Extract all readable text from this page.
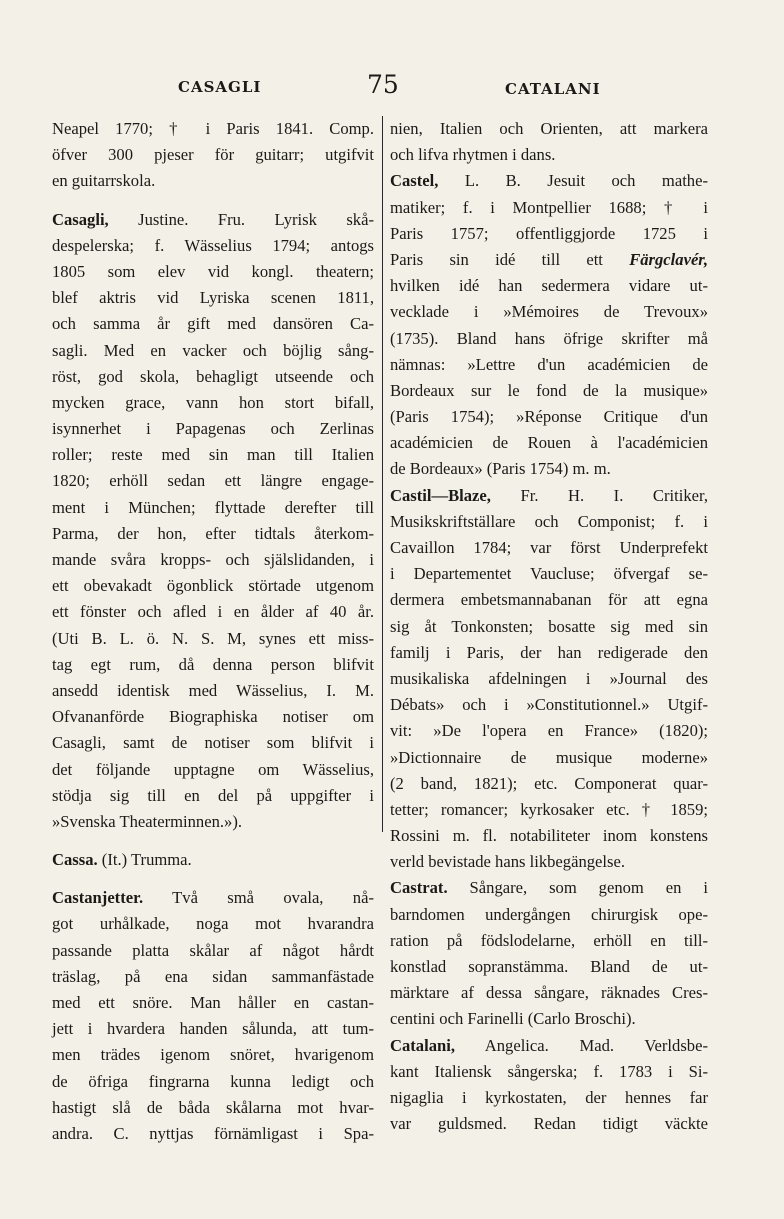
CASAGLI	75	CATALANI
Neapel 1770; † i Paris 1841. Comp.
öfver 300 pjeser för guitarr; utgifvit
en guitarrskola.
Casagli, Justine. Fru. Lyrisk skå-
despelerska; f. Wässelius 1794; antogs
1805 som elev vid kongl. theatern;
blef aktris vid Lyriska scenen 1811,
och samma år gift med dansören Ca-
sagli. Med en vacker och böjlig sång-
röst, god skola, behagligt utseende och
mycken grace, vann hon stort bifall,
isynnerhet i Papagenas och Zerlinas
roller; reste med sin man till Italien
1820; erhöll sedan ett längre engage-
ment i München; flyttade derefter till
Parma, der hon, efter tidtals återkom-
mande svåra kropps- och själslidanden, i
ett obevakadt ögonblick störtade utgenom
ett fönster och afled i en ålder af 40 år.
(Uti B. L. ö. N. S. M, synes ett miss-
tag egt rum, då denna person blifvit
ansedd identisk med Wässelius, I. M.
Ofvananförde Biographiska notiser om
Casagli, samt de notiser som blifvit i
det följande upptagne om Wässelius,
stödja sig till en del på uppgifter i
»Svenska Theaterminnen.»).
Cassa. (It.) Trumma.
Castanjetter. Två små ovala, nå-
got urhålkade, noga mot hvarandra
passande platta skålar af något hårdt
träslag, på ena sidan sammanfästade
med ett snöre. Man håller en castan-
jett i hvardera handen sålunda, att tum-
men trädes igenom snöret, hvarigenom
de öfriga fingrarna kunna ledigt och
hastigt slå de båda skålarna mot hvar-
andra. C. nyttjas förnämligast i Spa-
nien, Italien och Orienten, att markera
och lifva rhytmen i dans.
Castel, L. B. Jesuit och mathe-
matiker; f. i Montpellier 1688; † i
Paris 1757; offentliggjorde 1725 i
Paris sin idé till ett Färgclavér,
hvilken idé han sedermera vidare ut-
vecklade i »Mémoires de Trevoux»
(1735). Bland hans öfrige skrifter må
nämnas: »Lettre d'un académicien de
Bordeaux sur le fond de la musique»
(Paris 1754); »Réponse Critique d'un
académicien de Rouen à l'académicien
de Bordeaux» (Paris 1754) m. m.
Castil—Blaze, Fr. H. I. Critiker,
Musikskriftställare och Componist; f. i
Cavaillon 1784; var först Underprefekt
i Departementet Vaucluse; öfvergaf se-
dermera embetsmannabanan för att egna
sig åt Tonkonsten; bosatte sig med sin
familj i Paris, der han redigerade den
musikaliska afdelningen i »Journal des
Débats» och i »Constitutionnel.» Utgif-
vit: »De l'opera en France» (1820);
»Dictionnaire de musique moderne»
(2 band, 1821); etc. Componerat quar-
tetter; romancer; kyrkosaker etc. † 1859;
Rossini m. fl. notabiliteter inom konstens
verld bevistade hans likbegängelse.
Castrat. Sångare, som genom en i
barndomen undergången chirurgisk ope-
ration på födslodelarne, erhöll en till-
konstlad sopranstämma. Bland de ut-
märktare af dessa sångare, räknades Cres-
centini och Farinelli (Carlo Broschi).
Catalani, Angelica. Mad. Verldsbe-
kant Italiensk sångerska; f. 1783 i Si-
nigaglia i kyrkostaten, der hennes far
var guldsmed. Redan tidigt väckte
